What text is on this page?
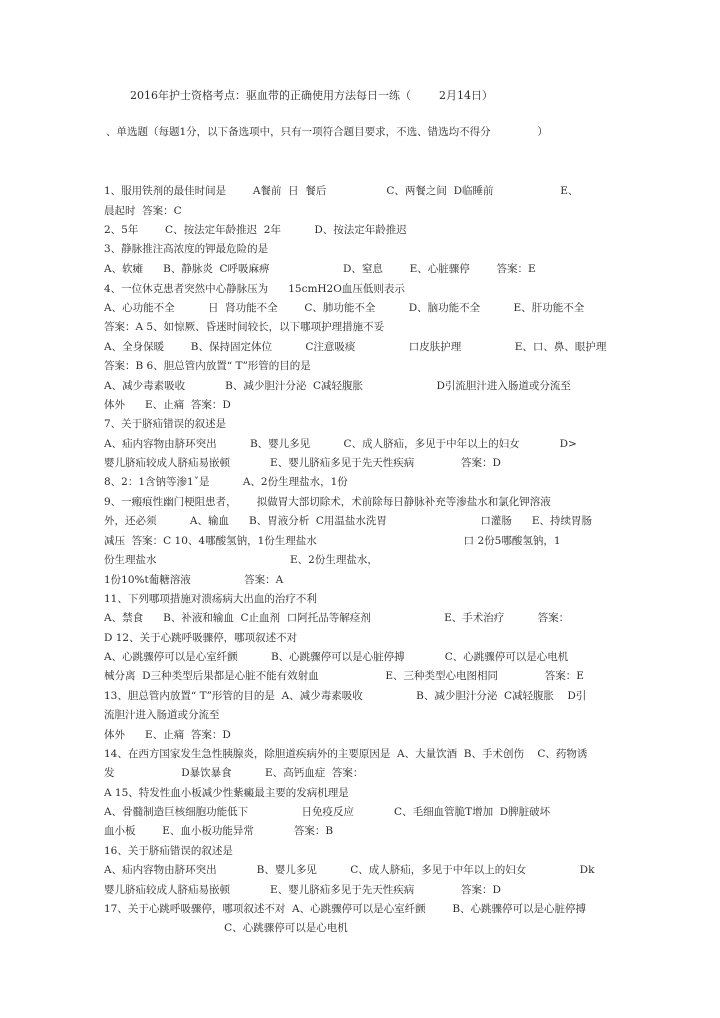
2016年护士资格考点：驱血带的正确使用方法每日一练（        2月14日）
、单选题（每题1分，以下备选项中，只有一项符合题目要求，不选、错选均不得分              ）
1、服用铁剂的最佳时间是        A餐前  日  餐后                  C、两餐之间  D临睡前                    E、
晨起时  答案：C
2、5年        C、按法定年龄推迟  2年          D、按法定年龄推迟
3、静脉推注高浓度的钾最危险的是
A、软瘫      B、静脉炎  C呼吸麻痹                      D、窒息        E、心脏骤停        答案：E
4、一位休克患者突然中心静脉压为      15cmH2O血压低则表示
A、心功能不全          日  肾功能不全        C、肺功能不全          D、脑功能不全          E、肝功能不全
答案：A 5、如惊厥、昏迷时间较长，以下哪项护理措施不妥
A、全身保暖        B、保持固定体位          C注意吸痰                口皮肤护理                E、口、鼻、眼护理
答案：B 6、胆总管内放置“ T”形管的目的是
A、减少毒素吸收            B、减少胆汁分泌  C减轻腹胀                      D引流胆汁进入肠道或分流至
体外      E、止痛  答案：D
7、关于脐疝错误的叙述是
A、疝内容物由脐环突出          B、婴儿多见          C、成人脐疝，多见于中年以上的妇女            D>
婴儿脐疝较成人脐疝易嵌顿            E、婴儿脐疝多见于先天性疾病              答案：D
8、2：1含钠等渗1ˇ是          A、2份生理盐水，1份
9、一瘢痕性幽门梗阻患者，      拟做胃大部切除术，术前除每日静脉补充等渗盐水和氯化钾溶液
外，还必须          A、输血      B、胃液分析  C用温盐水洗胃                            口灌肠      E、持续胃肠
减压  答案：C 10、4哪酸氢钠，1份生理盐水                                            口 2份5哪酸氢钠，1
份生理盐水                                        E、2份生理盐水，
1份10%t葡糖溶液                答案：A
11、下列哪项措施对溃疡病大出血的治疗不利
A、禁食      B、补液和输血  C止血剂  口阿托品等解痉剂                      E、手术治疗          答案：
D 12、关于心跳呼吸骤停，哪项叙述不对
A、心跳骤停可以是心室纤颤          B、心跳骤停可以是心脏停搏            C、心跳骤停可以是心电机
械分离  D三种类型后果都是心脏不能有效射血                    E、三种类型心电图相同              答案：E
13、胆总管内放置“ T”形管的目的是  A、减少毒素吸收                B、减少胆汁分泌  C减轻腹胀    D引
流胆汁进入肠道或分流至
体外      E、止痛  答案：D
14、在西方国家发生急性胰腺炎，除胆道疾病外的主要原因是  A、大量饮酒  B、手术创伤    C、药物诱
发                    D暴饮暴食          E、高钙血症  答案：
A 15、特发性血小板减少性紫癜最主要的发病机理是
A、骨髓制造巨核细胞功能低下                日免疫反应            C、毛细血管脆T增加  D脾脏破坏
血小板        E、血小板功能异常            答案：B
16、关于脐疝错误的叙述是
A、疝内容物由脐环突出            B、婴儿多见          C、成人脐疝，多见于中年以上的妇女                Dk
婴儿脐疝较成人脐疝易嵌顿            E、婴儿脐疝多见于先天性疾病              答案：D
17、关于心跳呼吸骤停，哪项叙述不对  A、心跳骤停可以是心室纤颤        B、心跳骤停可以是心脏停搏
C、心跳骤停可以是心电机
